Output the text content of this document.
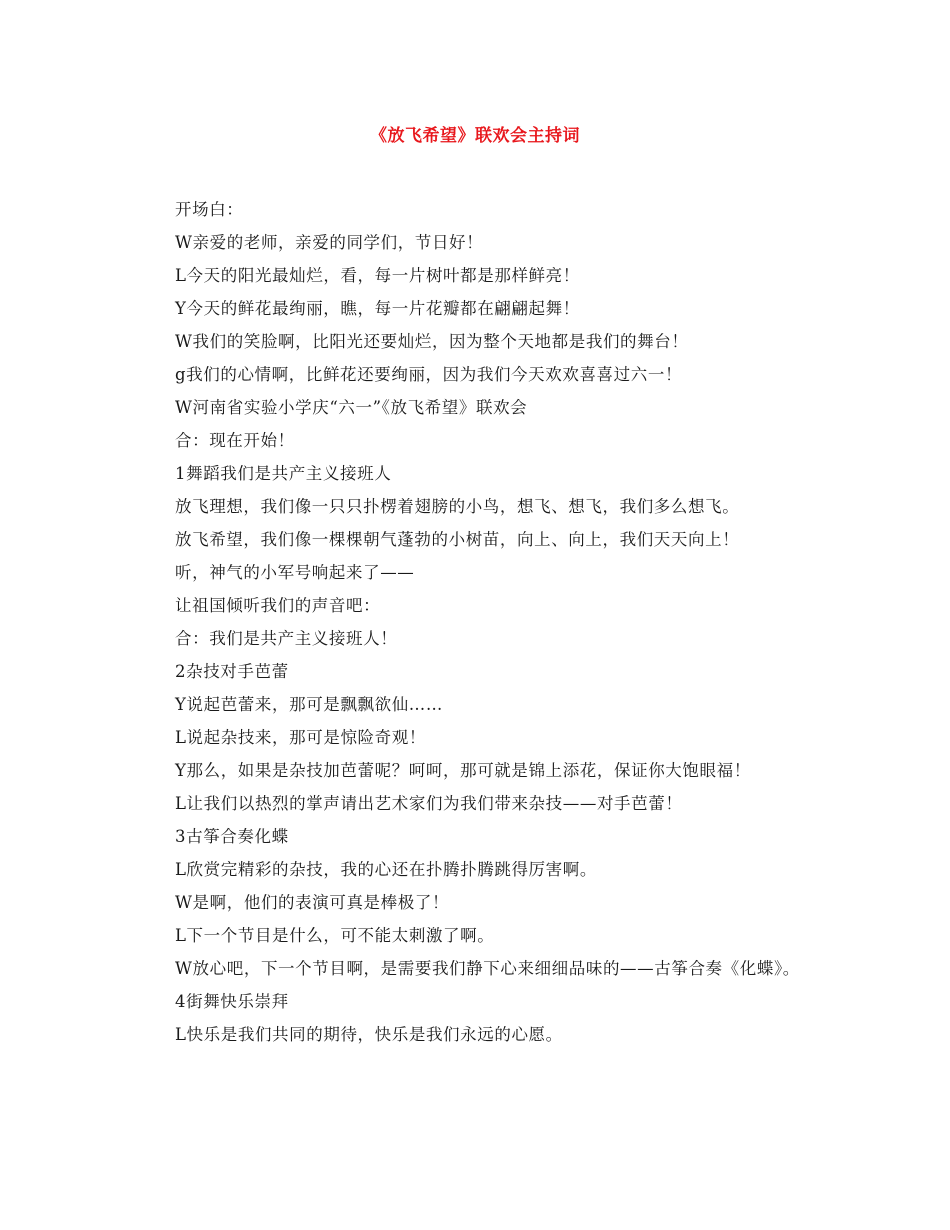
《放飞希望》联欢会主持词

开场白：

W亲爱的老师，亲爱的同学们，节日好！

L今天的阳光最灿烂，看，每一片树叶都是那样鲜亮！

Y今天的鲜花最绚丽，瞧，每一片花瓣都在翩翩起舞！

W我们的笑脸啊，比阳光还要灿烂，因为整个天地都是我们的舞台！

g我们的心情啊，比鲜花还要绚丽，因为我们今天欢欢喜喜过六一！

W河南省实验小学庆“六一”《放飞希望》联欢会

合：现在开始！

1舞蹈我们是共产主义接班人

放飞理想，我们像一只只扑楞着翅膀的小鸟，想飞、想飞，我们多么想飞。

放飞希望，我们像一棵棵朝气蓬勃的小树苗，向上、向上，我们天天向上！

听，神气的小军号响起来了——

让祖国倾听我们的声音吧：

合：我们是共产主义接班人！

2杂技对手芭蕾

Y说起芭蕾来，那可是飘飘欲仙……

L说起杂技来，那可是惊险奇观！

Y那么，如果是杂技加芭蕾呢？呵呵，那可就是锦上添花，保证你大饱眼福！

L让我们以热烈的掌声请出艺术家们为我们带来杂技——对手芭蕾！

3古筝合奏化蝶

L欣赏完精彩的杂技，我的心还在扑腾扑腾跳得厉害啊。

W是啊，他们的表演可真是棒极了！

L下一个节目是什么，可不能太刺激了啊。

W放心吧，下一个节目啊，是需要我们静下心来细细品味的——古筝合奏《化蝶》。

4街舞快乐崇拜

L快乐是我们共同的期待，快乐是我们永远的心愿。
